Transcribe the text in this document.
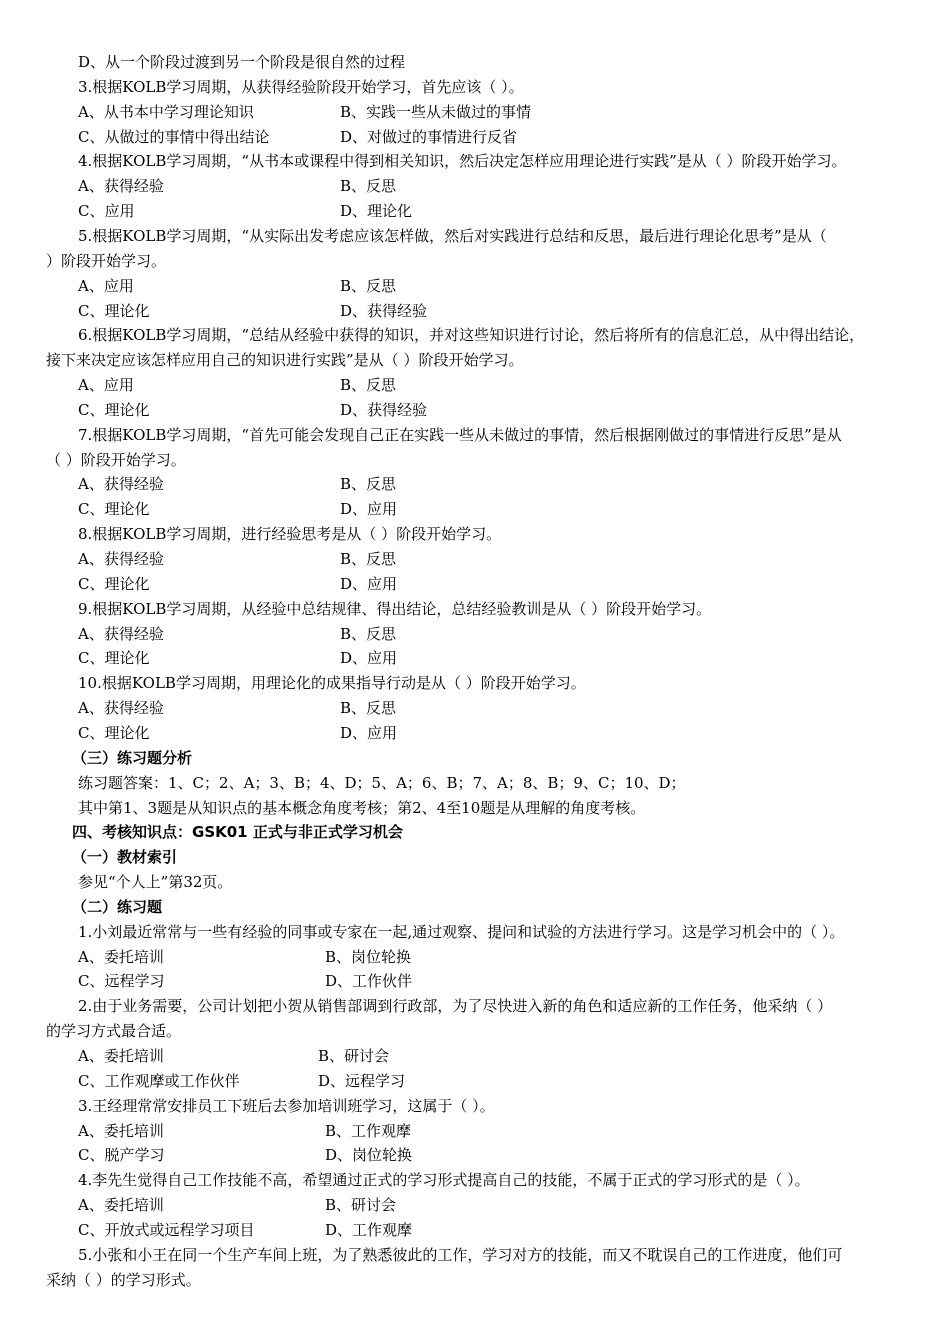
D、从一个阶段过渡到另一个阶段是很自然的过程
3.根据KOLB学习周期，从获得经验阶段开始学习，首先应该（ ）。
A、从书本中学习理论知识	B、实践一些从未做过的事情
C、从做过的事情中得出结论	D、对做过的事情进行反省
4.根据KOLB学习周期，“从书本或课程中得到相关知识，然后决定怎样应用理论进行实践”是从（ ）阶段开始学习。
A、获得经验	B、反思
C、应用	D、理论化
5.根据KOLB学习周期，“从实际出发考虑应该怎样做，然后对实践进行总结和反思，最后进行理论化思考”是从（
）阶段开始学习。
A、应用	B、反思
C、理论化	D、获得经验
6.根据KOLB学习周期，“总结从经验中获得的知识，并对这些知识进行讨论，然后将所有的信息汇总，从中得出结论，
接下来决定应该怎样应用自己的知识进行实践”是从（ ）阶段开始学习。
A、应用	B、反思
C、理论化	D、获得经验
7.根据KOLB学习周期，“首先可能会发现自己正在实践一些从未做过的事情，然后根据刚做过的事情进行反思”是从
（ ）阶段开始学习。
A、获得经验	B、反思
C、理论化	D、应用
8.根据KOLB学习周期，进行经验思考是从（ ）阶段开始学习。
A、获得经验	B、反思
C、理论化	D、应用
9.根据KOLB学习周期，从经验中总结规律、得出结论，总结经验教训是从（ ）阶段开始学习。
A、获得经验	B、反思
C、理论化	D、应用
10.根据KOLB学习周期，用理论化的成果指导行动是从（ ）阶段开始学习。
A、获得经验	B、反思
C、理论化	D、应用
（三）练习题分析
练习题答案：1、C；2、A；3、B；4、D；5、A；6、B；7、A；8、B；9、C；10、D；
其中第1、3题是从知识点的基本概念角度考核；第2、4至10题是从理解的角度考核。
四、考核知识点：GSK01 正式与非正式学习机会
（一）教材索引
参见“个人上”第32页。
（二）练习题
1.小刘最近常常与一些有经验的同事或专家在一起,通过观察、提问和试验的方法进行学习。这是学习机会中的（ ）。
A、委托培训	B、岗位轮换
C、远程学习	D、工作伙伴
2.由于业务需要，公司计划把小贺从销售部调到行政部，为了尽快进入新的角色和适应新的工作任务，他采纳（ ）
的学习方式最合适。
A、委托培训	B、研讨会
C、工作观摩或工作伙伴	D、远程学习
3.王经理常常安排员工下班后去参加培训班学习，这属于（ ）。
A、委托培训	B、工作观摩
C、脱产学习	D、岗位轮换
4.李先生觉得自己工作技能不高，希望通过正式的学习形式提高自己的技能，不属于正式的学习形式的是（ ）。
A、委托培训	B、研讨会
C、开放式或远程学习项目	D、工作观摩
5.小张和小王在同一个生产车间上班，为了熟悉彼此的工作，学习对方的技能，而又不耽误自己的工作进度，他们可
采纳（ ）的学习形式。
